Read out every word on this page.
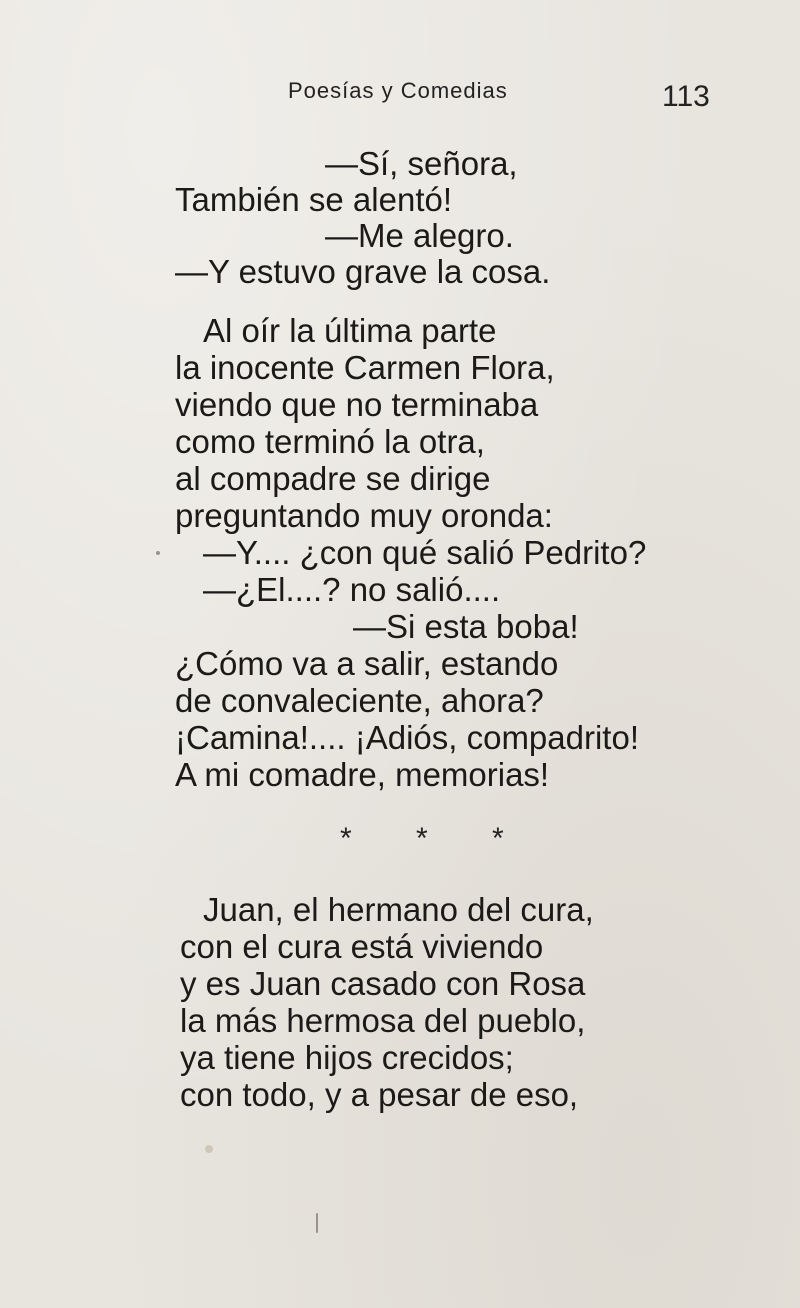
Poesías y Comedias	113
—Sí, señora,
También se alentó!
—Me alegro.
—Y estuvo grave la cosa.
Al oír la última parte
la inocente Carmen Flora,
viendo que no terminaba
como terminó la otra,
al compadre se dirige
preguntando muy oronda:
—Y.... ¿con qué salió Pedrito?
—¿El....? no salió....
—Si esta boba!
¿Cómo va a salir, estando
de convaleciente, ahora?
¡Camina!.... ¡Adiós, compadrito!
A mi comadre, memorias!
* * *
Juan, el hermano del cura,
con el cura está viviendo
y es Juan casado con Rosa
la más hermosa del pueblo,
ya tiene hijos crecidos;
con todo, y a pesar de eso,
